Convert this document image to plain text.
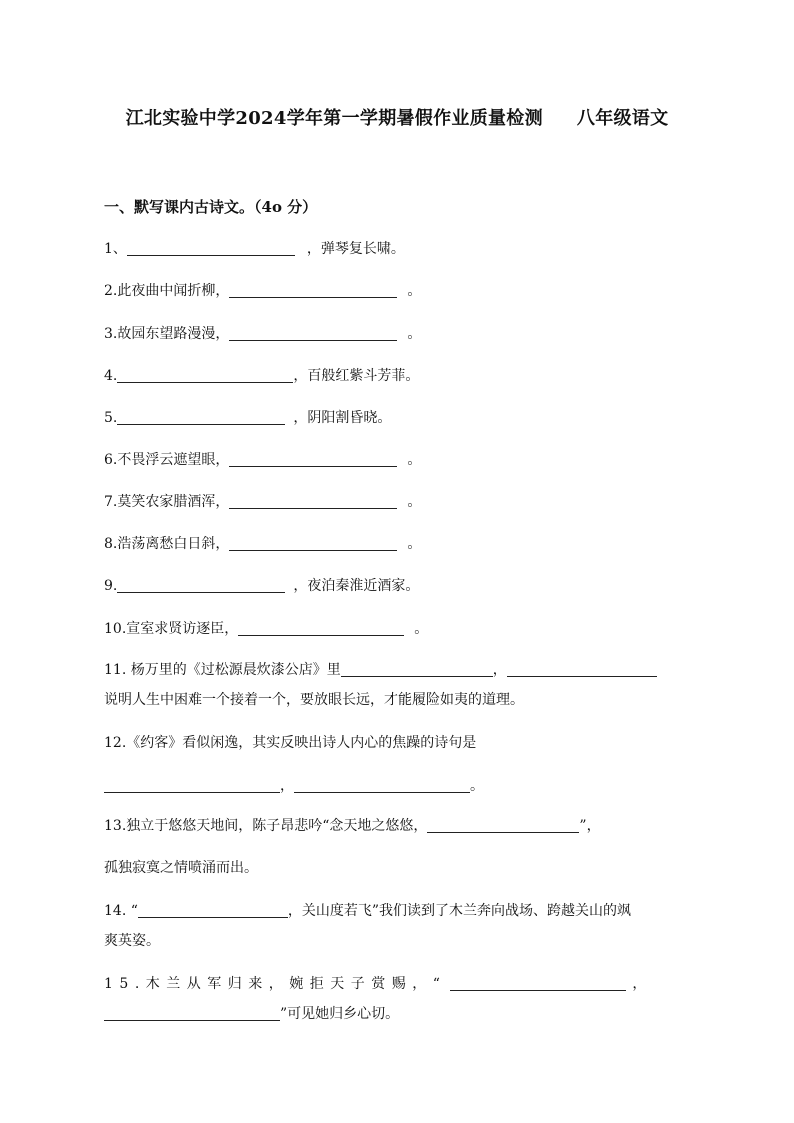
江北实验中学2024学年第一学期暑假作业质量检测 八年级语文
一、默写课内古诗文。（4o 分）
1、	，弹琴复长啸。
2.此夜曲中闻折柳，	。
3.故园东望路漫漫，	。
4.	，百般红紫斗芳菲。
5.	，阴阳割昏晓。
6.不畏浮云遮望眼，	。
7.莫笑农家腊酒浑，	。
8.浩荡离愁白日斜，	。
9.	，夜泊秦淮近酒家。
10.宣室求贤访逐臣，	。
11. 杨万里的《过松源晨炊漆公店》里	，
说明人生中困难一个接着一个，要放眼长远，才能履险如夷的道理。
12.《约客》看似闲逸，其实反映出诗人内心的焦躁的诗句是
，	。
13.独立于悠悠天地间，陈子昂悲吟“念天地之悠悠，	”，
孤独寂寞之情喷涌而出。
14. “	，关山度若飞”我们读到了木兰奔向战场、跨越关山的飒
爽英姿。
15.木兰从军归来，婉拒天子赏赐，“	，
”可见她归乡心切。
